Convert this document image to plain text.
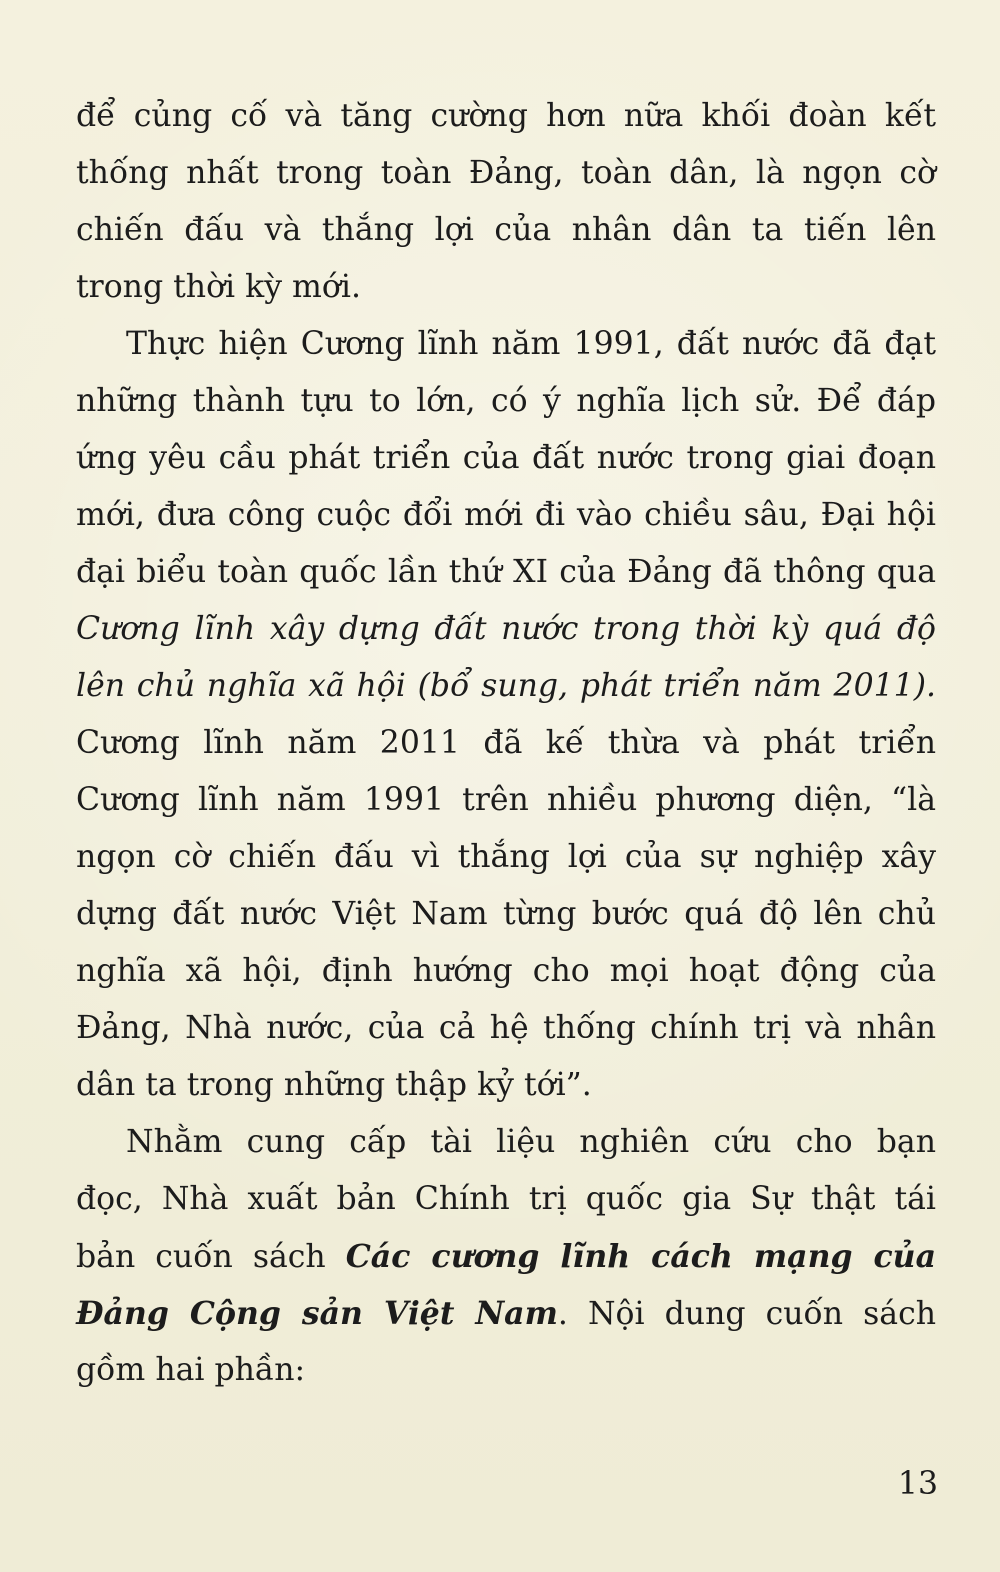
để củng cố và tăng cường hơn nữa khối đoàn kết
thống nhất trong toàn Đảng, toàn dân, là ngọn cờ
chiến đấu và thắng lợi của nhân dân ta tiến lên
trong thời kỳ mới.
Thực hiện Cương lĩnh năm 1991, đất nước đã đạt
những thành tựu to lớn, có ý nghĩa lịch sử. Để đáp
ứng yêu cầu phát triển của đất nước trong giai đoạn
mới, đưa công cuộc đổi mới đi vào chiều sâu, Đại hội
đại biểu toàn quốc lần thứ XI của Đảng đã thông qua
Cương lĩnh xây dựng đất nước trong thời kỳ quá độ
lên chủ nghĩa xã hội (bổ sung, phát triển năm 2011).
Cương lĩnh năm 2011 đã kế thừa và phát triển
Cương lĩnh năm 1991 trên nhiều phương diện, “là
ngọn cờ chiến đấu vì thắng lợi của sự nghiệp xây
dựng đất nước Việt Nam từng bước quá độ lên chủ
nghĩa xã hội, định hướng cho mọi hoạt động của
Đảng, Nhà nước, của cả hệ thống chính trị và nhân
dân ta trong những thập kỷ tới”.
Nhằm cung cấp tài liệu nghiên cứu cho bạn
đọc, Nhà xuất bản Chính trị quốc gia Sự thật tái
bản cuốn sách Các cương lĩnh cách mạng của
Đảng Cộng sản Việt Nam. Nội dung cuốn sách
gồm hai phần:
13
